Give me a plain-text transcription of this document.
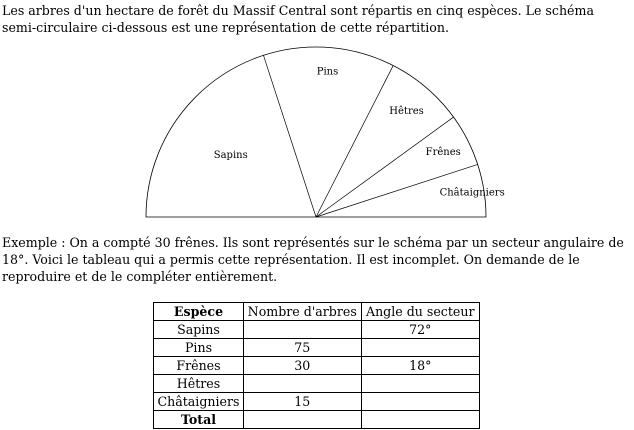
Les arbres d'un hectare de forêt du Massif Central sont répartis en cinq espèces. Le schéma semi-circulaire ci-dessous est une représentation de cette répartition.
Sapins
Pins
Hêtres
Frênes
Châtaigniers
Exemple : On a compté 30 frênes. Ils sont représentés sur le schéma par un secteur angulaire de 18°. Voici le tableau qui a permis cette représentation. Il est incomplet. On demande de le reproduire et de le compléter entièrement.
Espèce	Nombre d'arbres	Angle du secteur
Sapins		72°
Pins	75	
Frênes	30	18°
Hêtres		
Châtaigniers	15	
Total		
